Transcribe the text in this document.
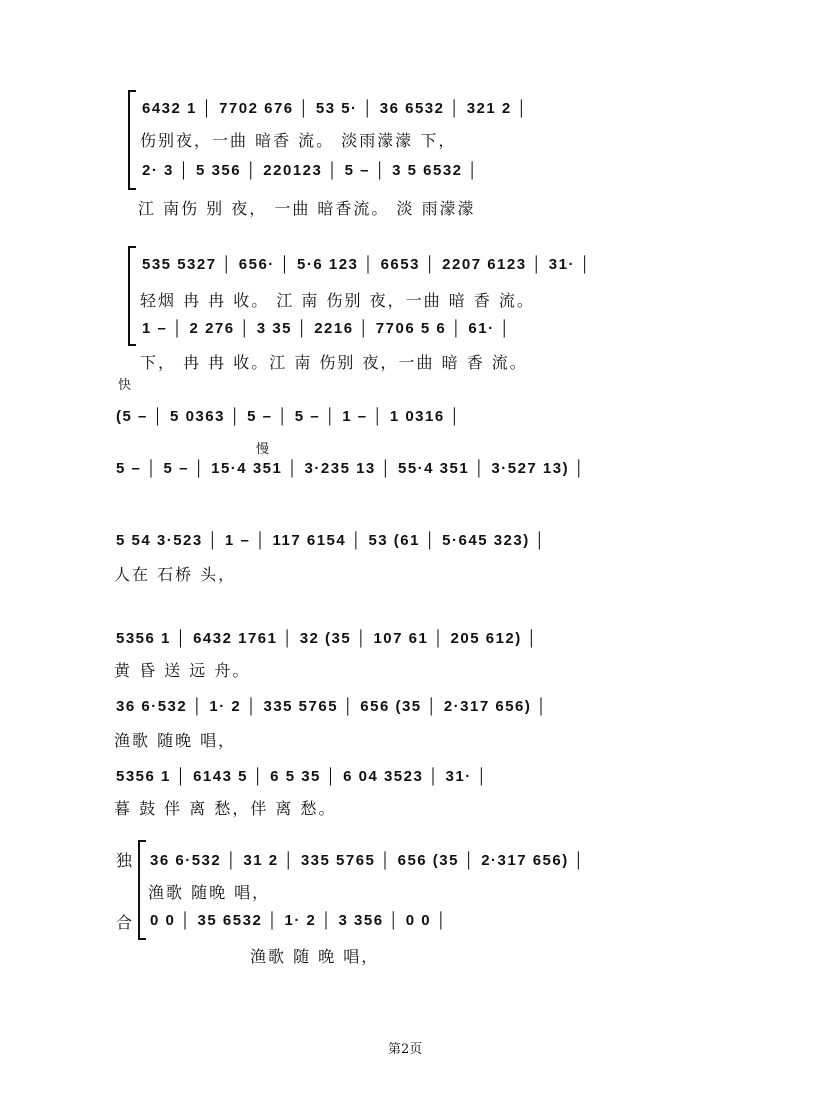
6432 1 │ 7702 676 │ 53 5· │ 36 6532 │ 321 2 │
伤别夜，一曲 暗香 流。 淡雨濛濛 下，
2· 3 │ 5 356 │ 220123 │ 5 – │ 3 5 6532 │
江 南伤 别 夜， 一曲 暗香流。 淡 雨濛濛
535 5327 │ 656· │ 5·6 123 │ 6653 │ 2207 6123 │ 31· │
轻烟 冉 冉 收。 江 南 伤别 夜，一曲 暗 香 流。
1 – │ 2 276 │ 3 35 │ 2216 │ 7706 5 6 │ 61· │
下， 冉 冉 收。江 南 伤别 夜，一曲 暗 香 流。
快
(5 – │ 5 0363 │ 5 – │ 5 – │ 1 – │ 1 0316 │
慢
5 – │ 5 – │ 15·4 351 │ 3·235 13 │ 55·4 351 │ 3·527 13) │
5 54 3·523 │ 1 – │ 117 6154 │ 53 (61 │ 5·645 323) │
人在 石桥 头，
5356 1 │ 6432 1761 │ 32 (35 │ 107 61 │ 205 612) │
黄 昏 送 远 舟。
36 6·532 │ 1· 2 │ 335 5765 │ 656 (35 │ 2·317 656) │
渔歌 随晚 唱，
5356 1 │ 6143 5 │ 6 5 35 │ 6 04 3523 │ 31· │
暮 鼓 伴 离 愁，伴 离 愁。
独
合
36 6·532 │ 31 2 │ 335 5765 │ 656 (35 │ 2·317 656) │
渔歌 随晚 唱，
0 0 │ 35 6532 │ 1· 2 │ 3 356 │ 0 0 │
渔歌 随 晚 唱，
第2页
